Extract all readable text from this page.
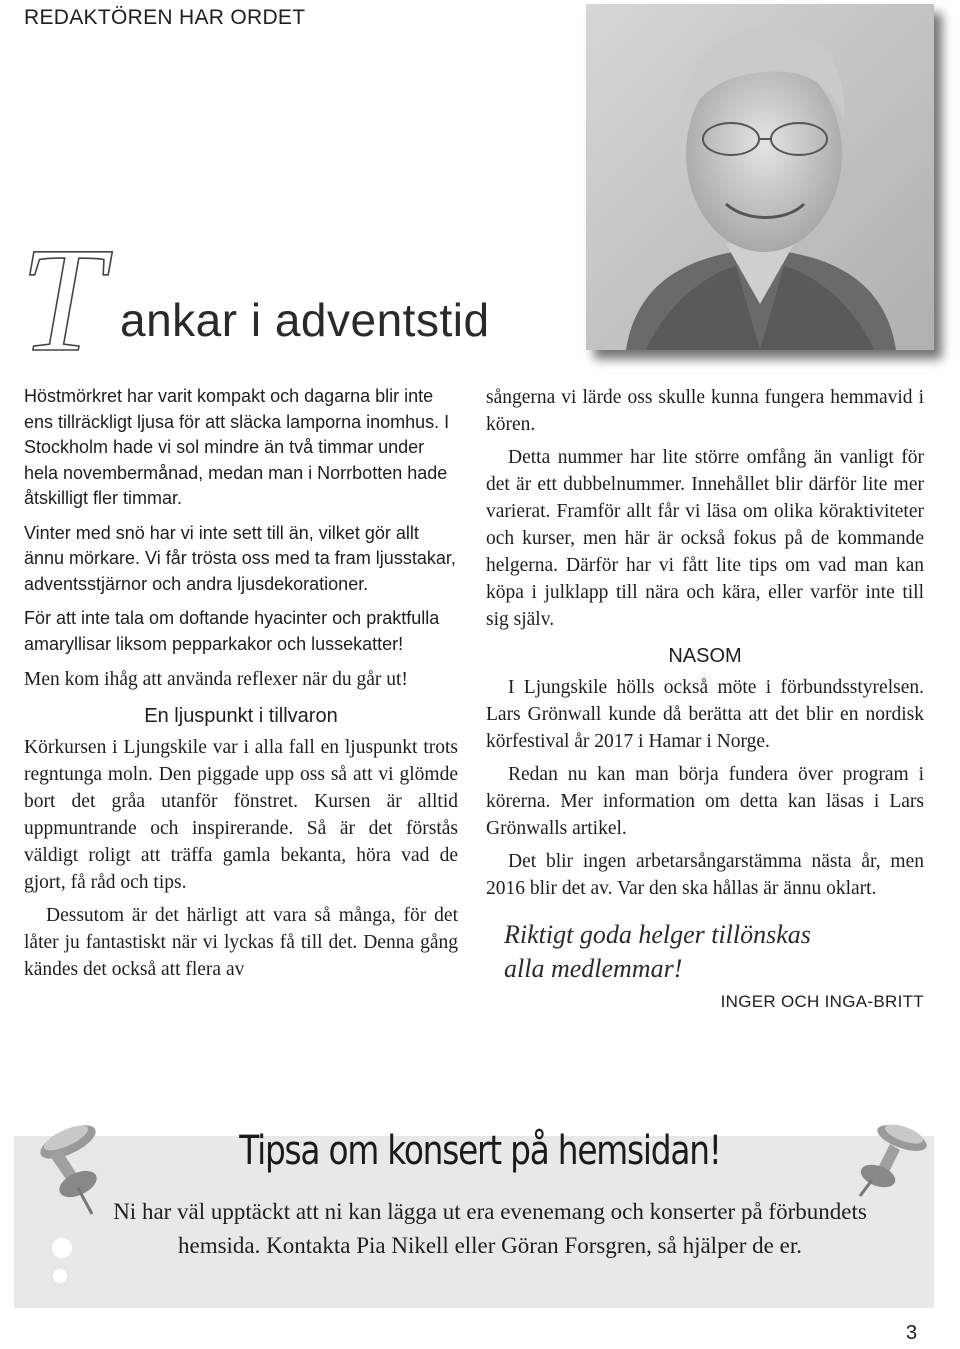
REDAKTÖREN HAR ORDET
T ankar i adventstid

Höstmörkret har varit kompakt och dagarna blir inte ens tillräckligt ljusa för att släcka lamporna inomhus. I Stockholm hade vi sol mindre än två timmar under hela novembermånad, medan man i Norrbotten hade åtskilligt fler timmar.

Vinter med snö har vi inte sett till än, vilket gör allt ännu mörkare. Vi får trösta oss med ta fram ljusstakar, adventsstjärnor och andra ljusdekorationer.

För att inte tala om doftande hyacinter och praktfulla amaryllisar liksom pepparkakor och lussekatter!

Men kom ihåg att använda reflexer när du går ut!

En ljuspunkt i tillvaron

Körkursen i Ljungskile var i alla fall en ljuspunkt trots regntunga moln. Den piggade upp oss så att vi glömde bort det gråa utanför fönstret. Kursen är alltid uppmuntrande och inspirerande. Så är det förstås väldigt roligt att träffa gamla bekanta, höra vad de gjort, få råd och tips.

Dessutom är det härligt att vara så många, för det låter ju fantastiskt när vi lyckas få till det. Denna gång kändes det också att flera av

sångerna vi lärde oss skulle kunna fungera hemmavid i kören.

Detta nummer har lite större omfång än vanligt för det är ett dubbelnummer. Innehållet blir därför lite mer varierat. Framför allt får vi läsa om olika köraktiviteter och kurser, men här är också fokus på de kommande helgerna. Därför har vi fått lite tips om vad man kan köpa i julklapp till nära och kära, eller varför inte till sig själv.

NASOM

I Ljungskile hölls också möte i förbundsstyrelsen. Lars Grönwall kunde då berätta att det blir en nordisk körfestival år 2017 i Hamar i Norge.

Redan nu kan man börja fundera över program i körerna. Mer information om detta kan läsas i Lars Grönwalls artikel.

Det blir ingen arbetarsångarstämma nästa år, men 2016 blir det av. Var den ska hållas är ännu oklart.

Riktigt goda helger tillönskas
alla medlemmar!
INGER OCH INGA-BRITT
Tipsa om konsert på hemsidan!
Ni har väl upptäckt att ni kan lägga ut era evenemang och konserter på förbundets hemsida. Kontakta Pia Nikell eller Göran Forsgren, så hjälper de er.
3
